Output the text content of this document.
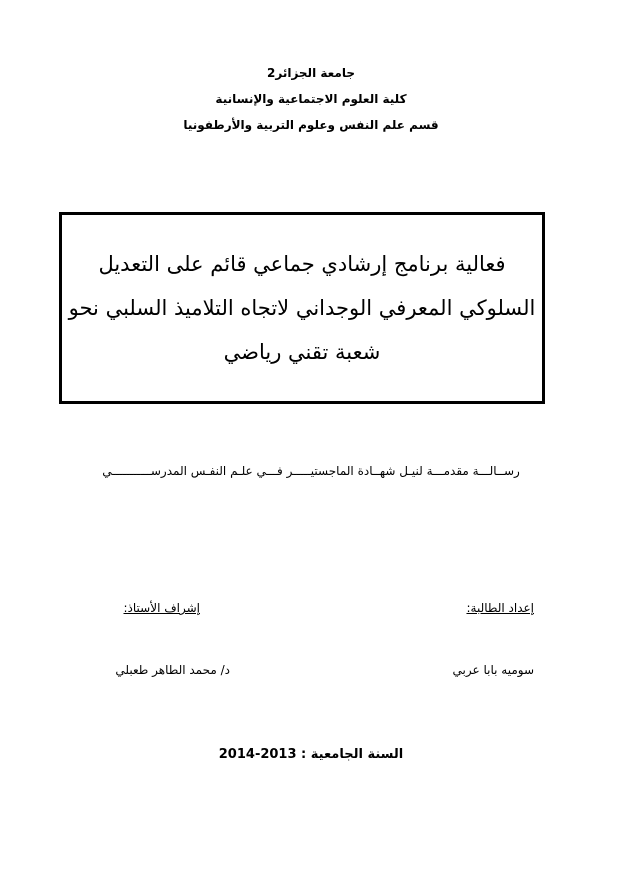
جامعة الجزائر2
كلية العلوم الاجتماعية والإنسانية
قسم علم النفس وعلوم التربية والأرطفونيا
فعالية برنامج إرشادي جماعي قائم على التعديل
السلوكي المعرفي الوجداني لاتجاه التلاميذ السلبي نحو
شعبة تقني رياضي
رســالـــة مقدمـــة لنيـل شهــادة الماجستيـــــر فـــي علـم النفـس المدرســـــــــــي
إعداد الطالبة:
إشراف الأستاذ:
سوميه بابا عربي
د/ محمد الطاهر طعبلي
السنة الجامعية : 2013-2014
